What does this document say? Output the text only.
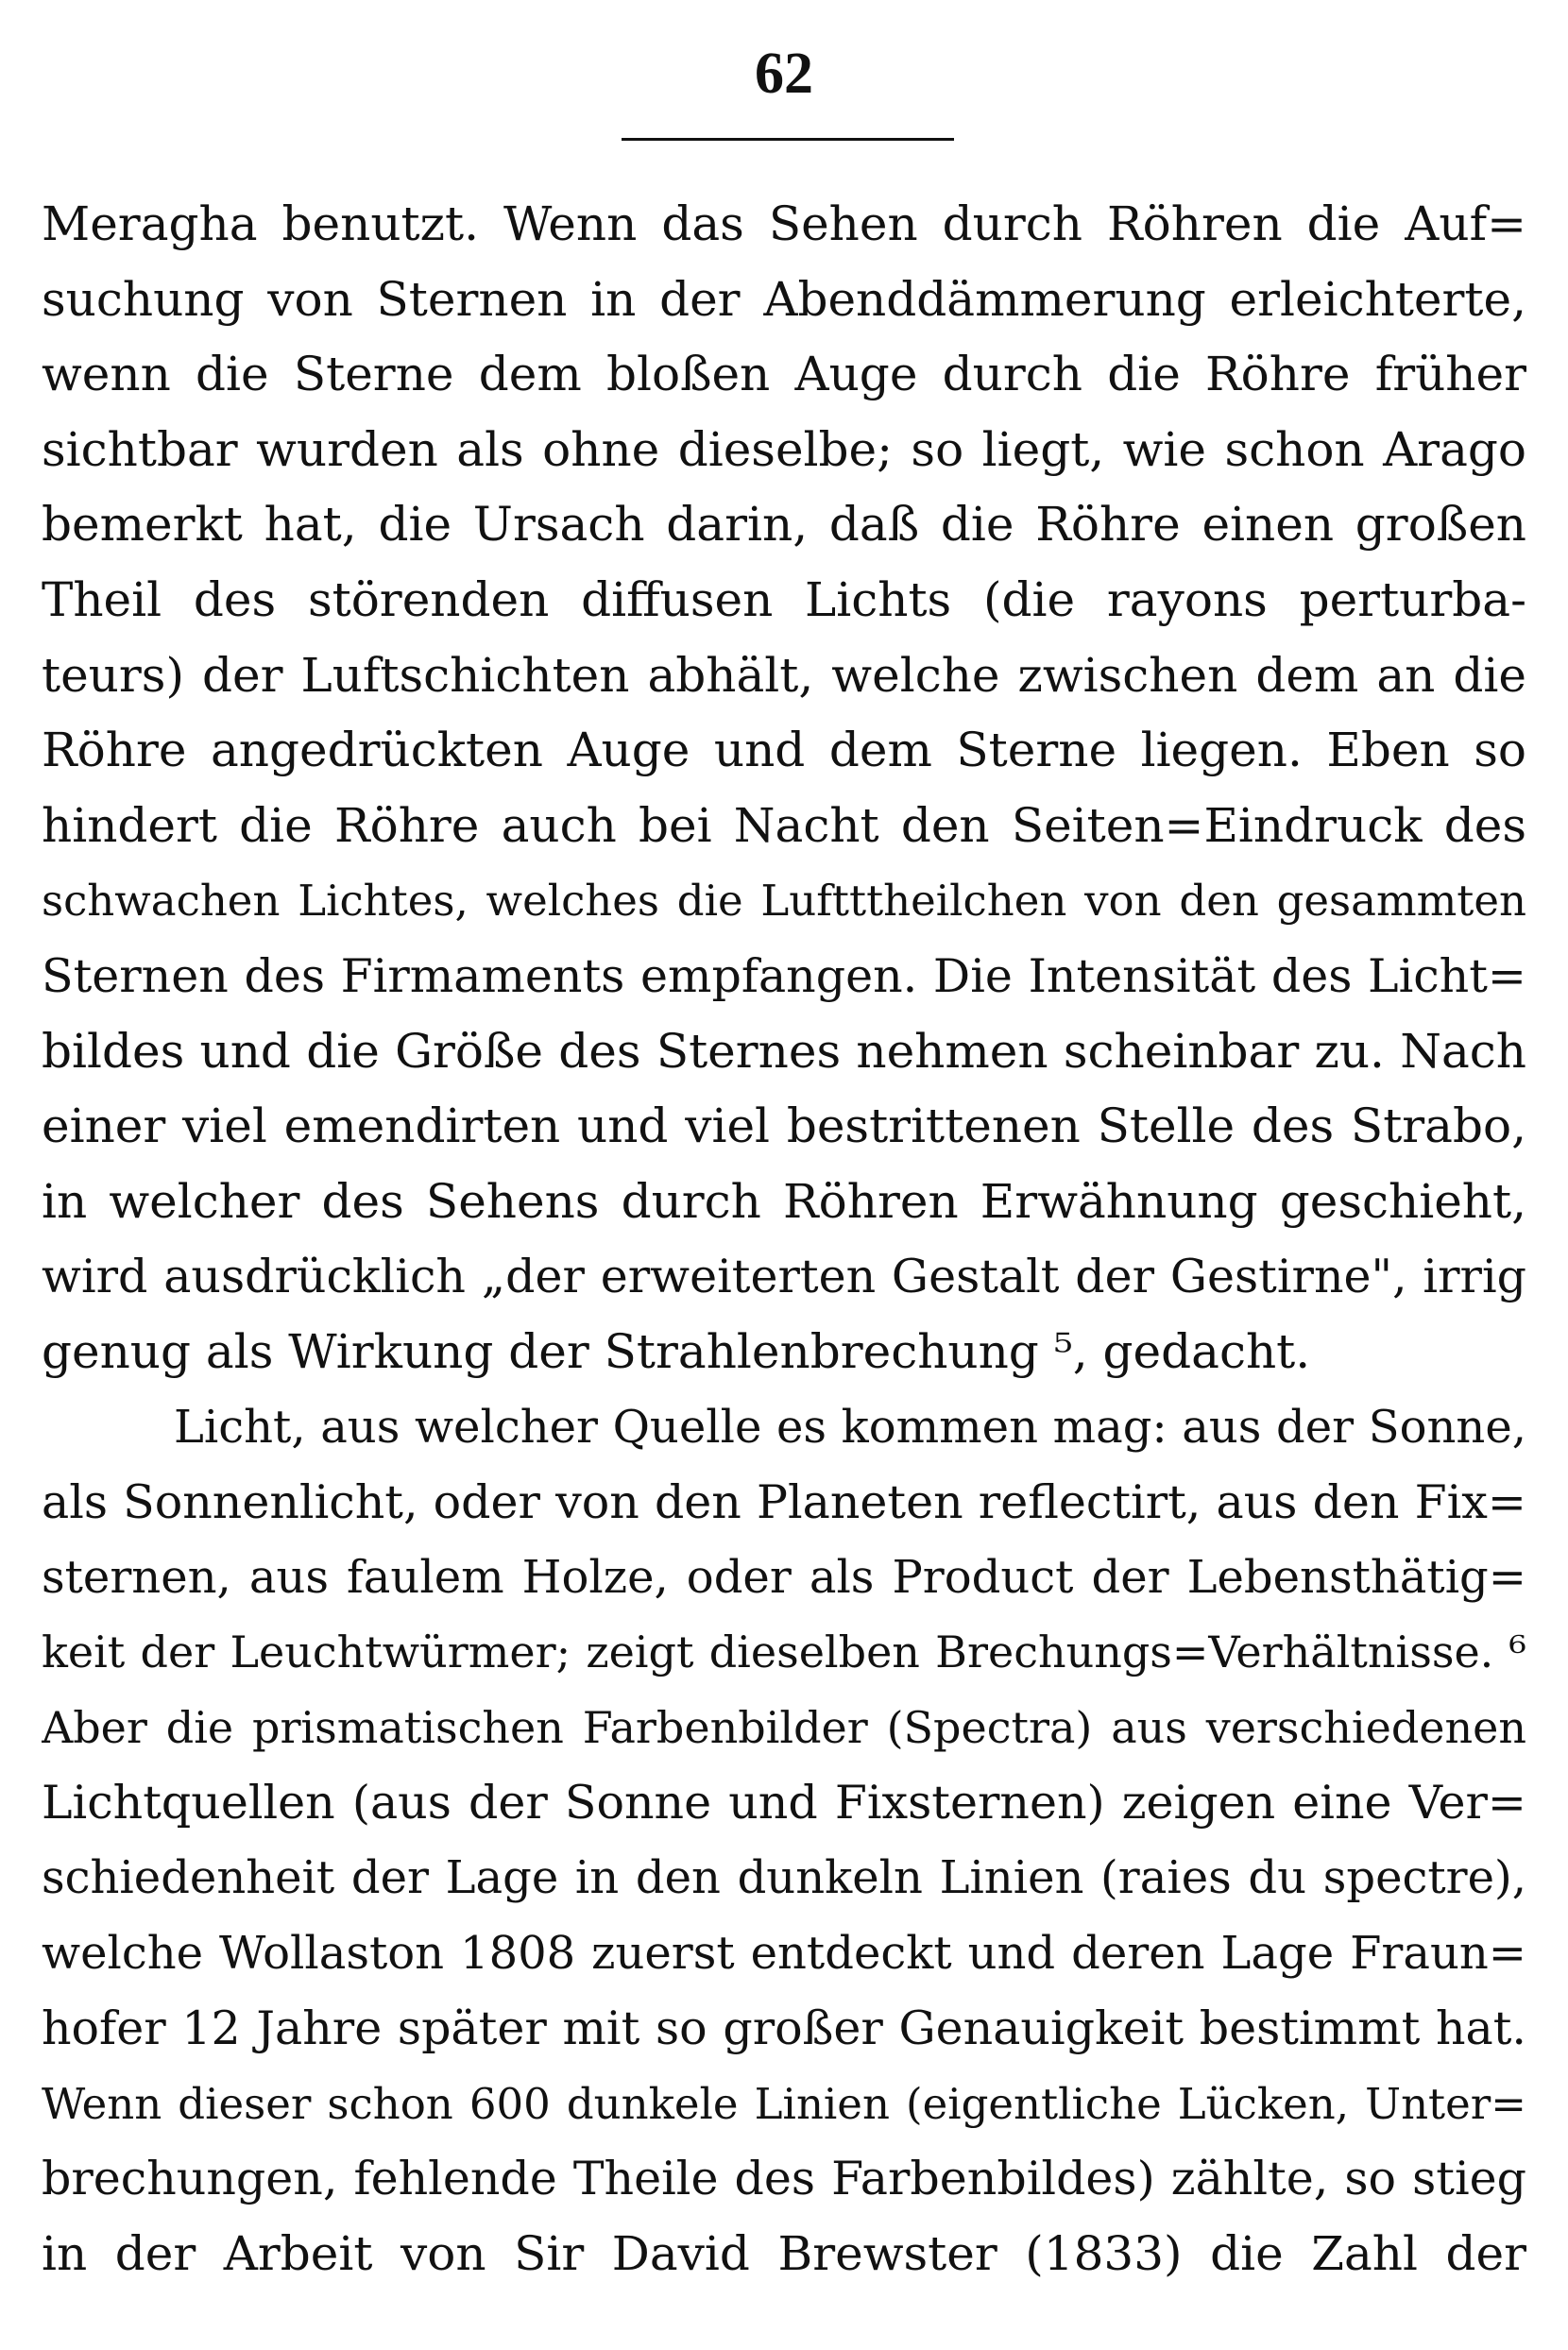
62
Meragha benutzt. Wenn das Sehen durch Röhren die Auf=
suchung von Sternen in der Abenddämmerung erleichterte,
wenn die Sterne dem bloßen Auge durch die Röhre früher
sichtbar wurden als ohne dieselbe; so liegt, wie schon Arago
bemerkt hat, die Ursach darin, daß die Röhre einen großen
Theil des störenden diffusen Lichts (die rayons perturba-
teurs) der Luftschichten abhält, welche zwischen dem an die
Röhre angedrückten Auge und dem Sterne liegen. Eben so
hindert die Röhre auch bei Nacht den Seiten=Eindruck des
schwachen Lichtes, welches die Luftttheilchen von den gesammten
Sternen des Firmaments empfangen. Die Intensität des Licht=
bildes und die Größe des Sternes nehmen scheinbar zu. Nach
einer viel emendirten und viel bestrittenen Stelle des Strabo,
in welcher des Sehens durch Röhren Erwähnung geschieht,
wird ausdrücklich „der erweiterten Gestalt der Gestirne", irrig
genug als Wirkung der Strahlenbrechung ⁵, gedacht.
Licht, aus welcher Quelle es kommen mag: aus der Sonne,
als Sonnenlicht, oder von den Planeten reflectirt, aus den Fix=
sternen, aus faulem Holze, oder als Product der Lebensthätig=
keit der Leuchtwürmer; zeigt dieselben Brechungs=Verhältnisse. ⁶
Aber die prismatischen Farbenbilder (Spectra) aus verschiedenen
Lichtquellen (aus der Sonne und Fixsternen) zeigen eine Ver=
schiedenheit der Lage in den dunkeln Linien (raies du spectre),
welche Wollaston 1808 zuerst entdeckt und deren Lage Fraun=
hofer 12 Jahre später mit so großer Genauigkeit bestimmt hat.
Wenn dieser schon 600 dunkele Linien (eigentliche Lücken, Unter=
brechungen, fehlende Theile des Farbenbildes) zählte, so stieg
in der Arbeit von Sir David Brewster (1833) die Zahl der
